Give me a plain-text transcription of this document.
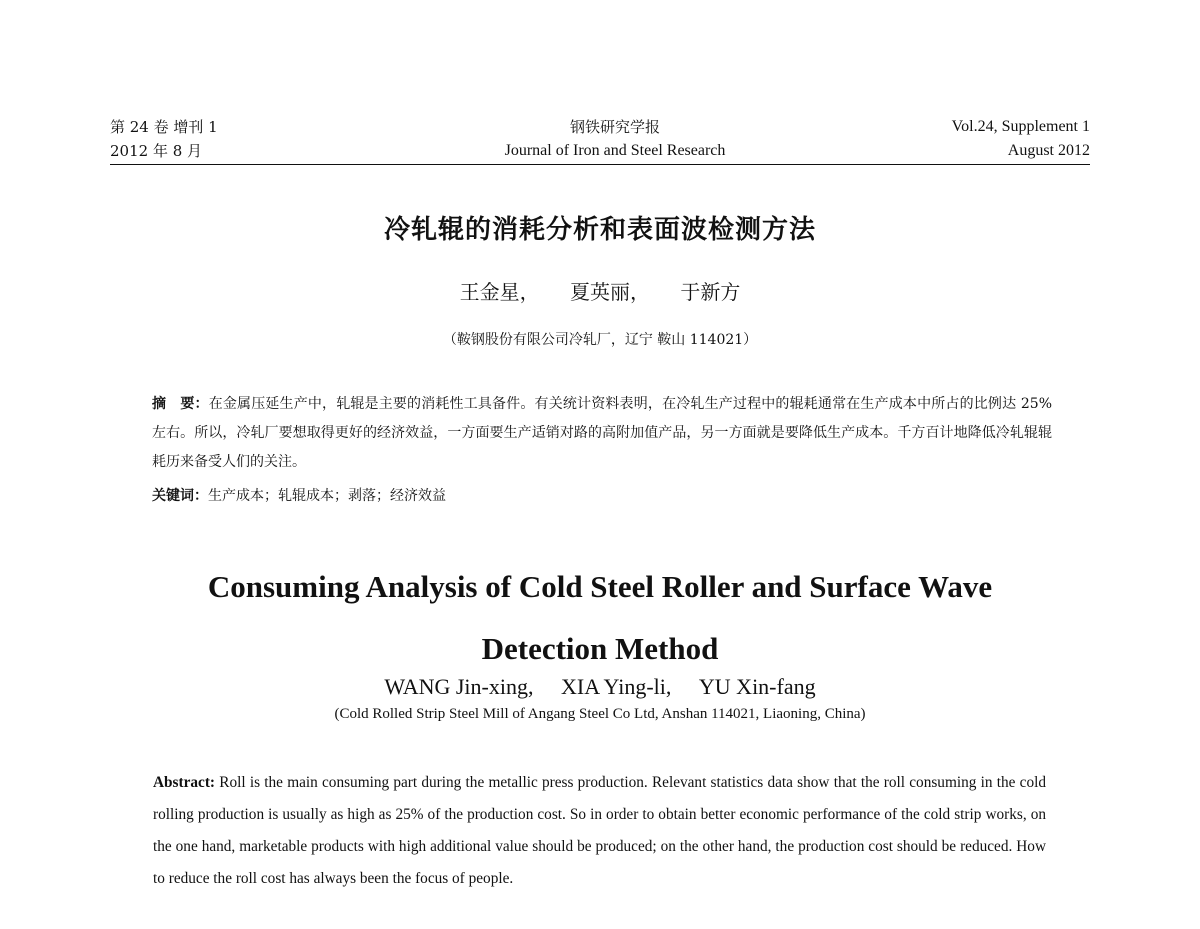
第 24 卷 增刊 1
2012 年 8 月
钢铁研究学报
Journal of Iron and Steel Research
Vol.24, Supplement 1
August 2012
冷轧辊的消耗分析和表面波检测方法
王金星， 夏英丽， 于新方
（鞍钢股份有限公司冷轧厂，辽宁 鞍山 114021）
摘　要：在金属压延生产中，轧辊是主要的消耗性工具备件。有关统计资料表明，在冷轧生产过程中的辊耗通常在生产成本中所占的比例达 25%左右。所以，冷轧厂要想取得更好的经济效益，一方面要生产适销对路的高附加值产品，另一方面就是要降低生产成本。千方百计地降低冷轧辊辊耗历来备受人们的关注。
关键词：生产成本；轧辊成本；剥落；经济效益
Consuming Analysis of Cold Steel Roller and Surface Wave
Detection Method
WANG Jin-xing, XIA Ying-li, YU Xin-fang
(Cold Rolled Strip Steel Mill of Angang Steel Co Ltd, Anshan 114021, Liaoning, China)
Abstract: Roll is the main consuming part during the metallic press production. Relevant statistics data show that the roll consuming in the cold rolling production is usually as high as 25% of the production cost. So in order to obtain better economic performance of the cold strip works, on the one hand, marketable products with high additional value should be produced; on the other hand, the production cost should be reduced. How to reduce the roll cost has always been the focus of people.
